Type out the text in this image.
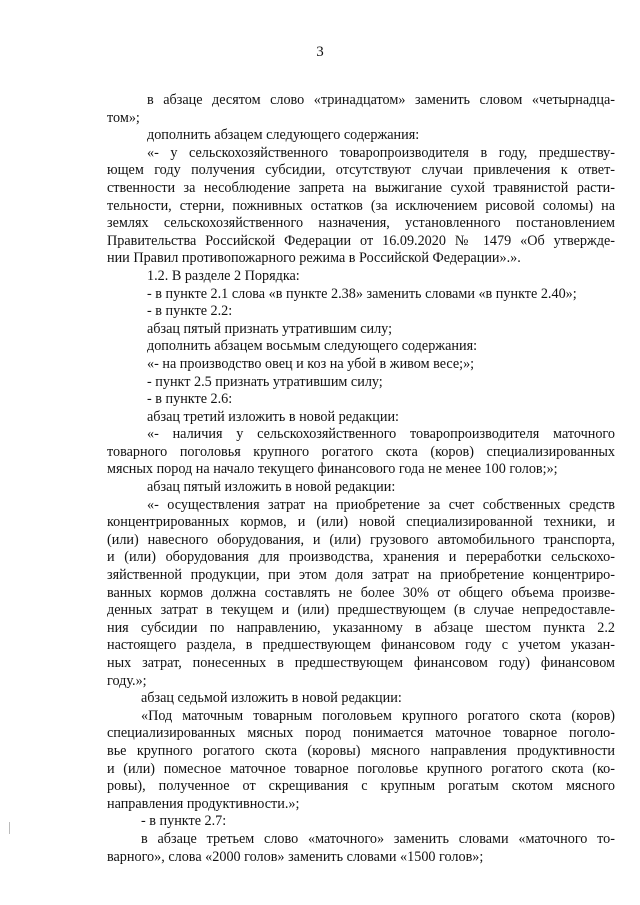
3
в абзаце десятом слово «тринадцатом» заменить словом «четырнадца-
том»;
дополнить абзацем следующего содержания:
«- у сельскохозяйственного товаропроизводителя в году, предшеству-
ющем году получения субсидии, отсутствуют случаи привлечения к ответ-
ственности за несоблюдение запрета на выжигание сухой травянистой расти-
тельности, стерни, пожнивных остатков (за исключением рисовой соломы) на
землях сельскохозяйственного назначения, установленного постановлением
Правительства Российской Федерации от 16.09.2020 № 1479 «Об утвержде-
нии Правил противопожарного режима в Российской Федерации».».
1.2. В разделе 2 Порядка:
- в пункте 2.1 слова «в пункте 2.38» заменить словами «в пункте 2.40»;
- в пункте 2.2:
абзац пятый признать утратившим силу;
дополнить абзацем восьмым следующего содержания:
«- на производство овец и коз на убой в живом весе;»;
- пункт 2.5 признать утратившим силу;
- в пункте 2.6:
абзац третий изложить в новой редакции:
«- наличия у сельскохозяйственного товаропроизводителя маточного
товарного поголовья крупного рогатого скота (коров) специализированных
мясных пород на начало текущего финансового года не менее 100 голов;»;
абзац пятый изложить в новой редакции:
«- осуществления затрат на приобретение за счет собственных средств
концентрированных кормов, и (или) новой специализированной техники, и
(или) навесного оборудования, и (или) грузового автомобильного транспорта,
и (или) оборудования для производства, хранения и переработки сельскохо-
зяйственной продукции, при этом доля затрат на приобретение концентриро-
ванных кормов должна составлять не более 30% от общего объема произве-
денных затрат в текущем и (или) предшествующем (в случае непредоставле-
ния субсидии по направлению, указанному в абзаце шестом пункта 2.2
настоящего раздела, в предшествующем финансовом году с учетом указан-
ных затрат, понесенных в предшествующем финансовом году) финансовом
году.»;
абзац седьмой изложить в новой редакции:
«Под маточным товарным поголовьем крупного рогатого скота (коров)
специализированных мясных пород понимается маточное товарное поголо-
вье крупного рогатого скота (коровы) мясного направления продуктивности
и (или) помесное маточное товарное поголовье крупного рогатого скота (ко-
ровы), полученное от скрещивания с крупным рогатым скотом мясного
направления продуктивности.»;
- в пункте 2.7:
в абзаце третьем слово «маточного» заменить словами «маточного то-
варного», слова «2000 голов» заменить словами «1500 голов»;
